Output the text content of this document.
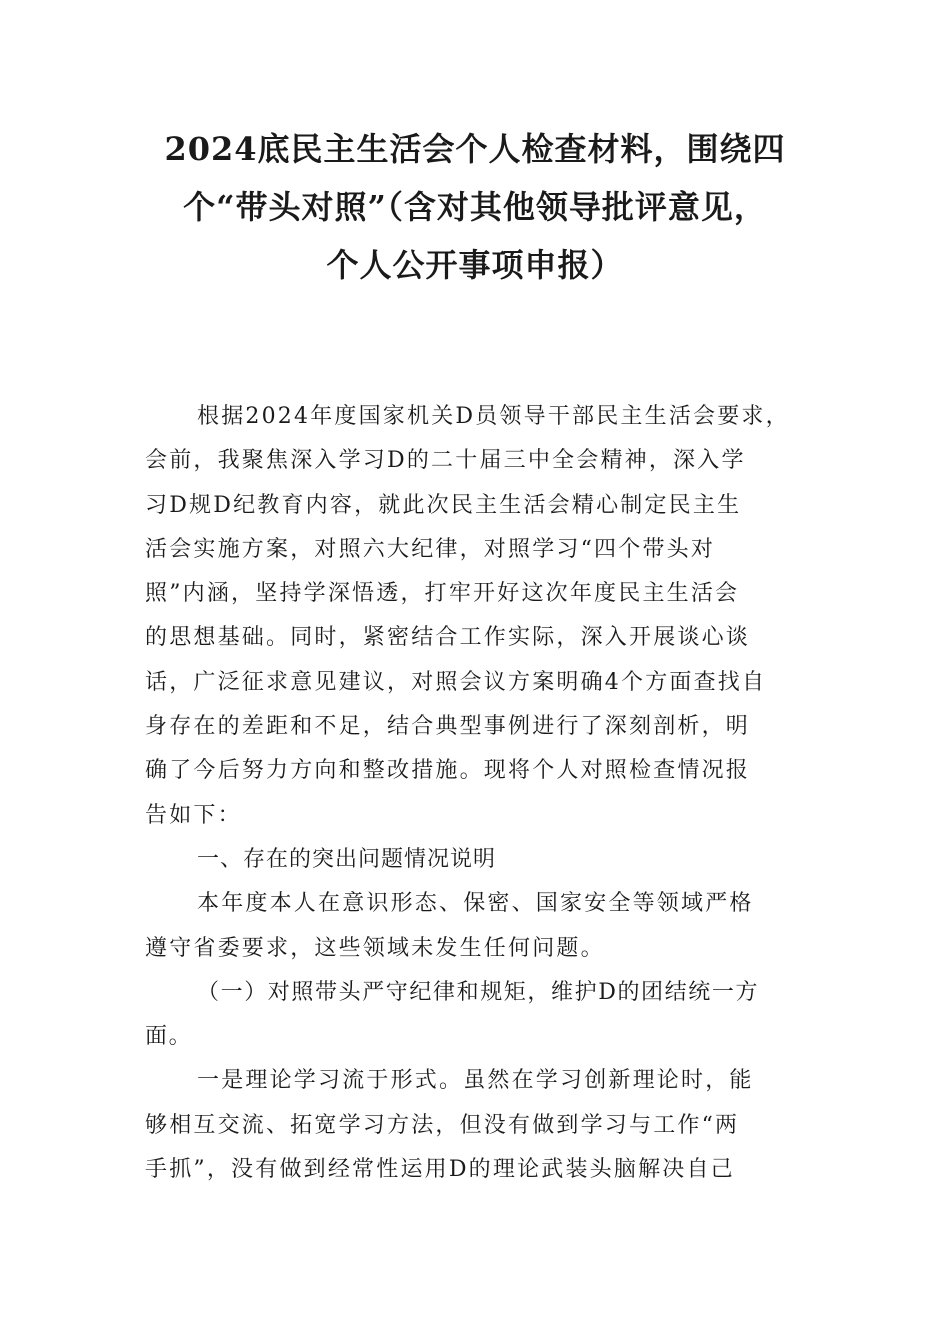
2024底民主生活会个人检查材料，围绕四
个“带头对照”（含对其他领导批评意见，
个人公开事项申报）
根据2024年度国家机关D员领导干部民主生活会要求，
会前，我聚焦深入学习D的二十届三中全会精神，深入学
习D规D纪教育内容，就此次民主生活会精心制定民主生
活会实施方案，对照六大纪律，对照学习“四个带头对
照”内涵，坚持学深悟透，打牢开好这次年度民主生活会
的思想基础。同时，紧密结合工作实际，深入开展谈心谈
话，广泛征求意见建议，对照会议方案明确4个方面查找自
身存在的差距和不足，结合典型事例进行了深刻剖析，明
确了今后努力方向和整改措施。现将个人对照检查情况报
告如下：
一、存在的突出问题情况说明
本年度本人在意识形态、保密、国家安全等领域严格
遵守省委要求，这些领域未发生任何问题。
（一）对照带头严守纪律和规矩，维护D的团结统一方
面。
一是理论学习流于形式。虽然在学习创新理论时，能
够相互交流、拓宽学习方法，但没有做到学习与工作“两
手抓”，没有做到经常性运用D的理论武装头脑解决自己
